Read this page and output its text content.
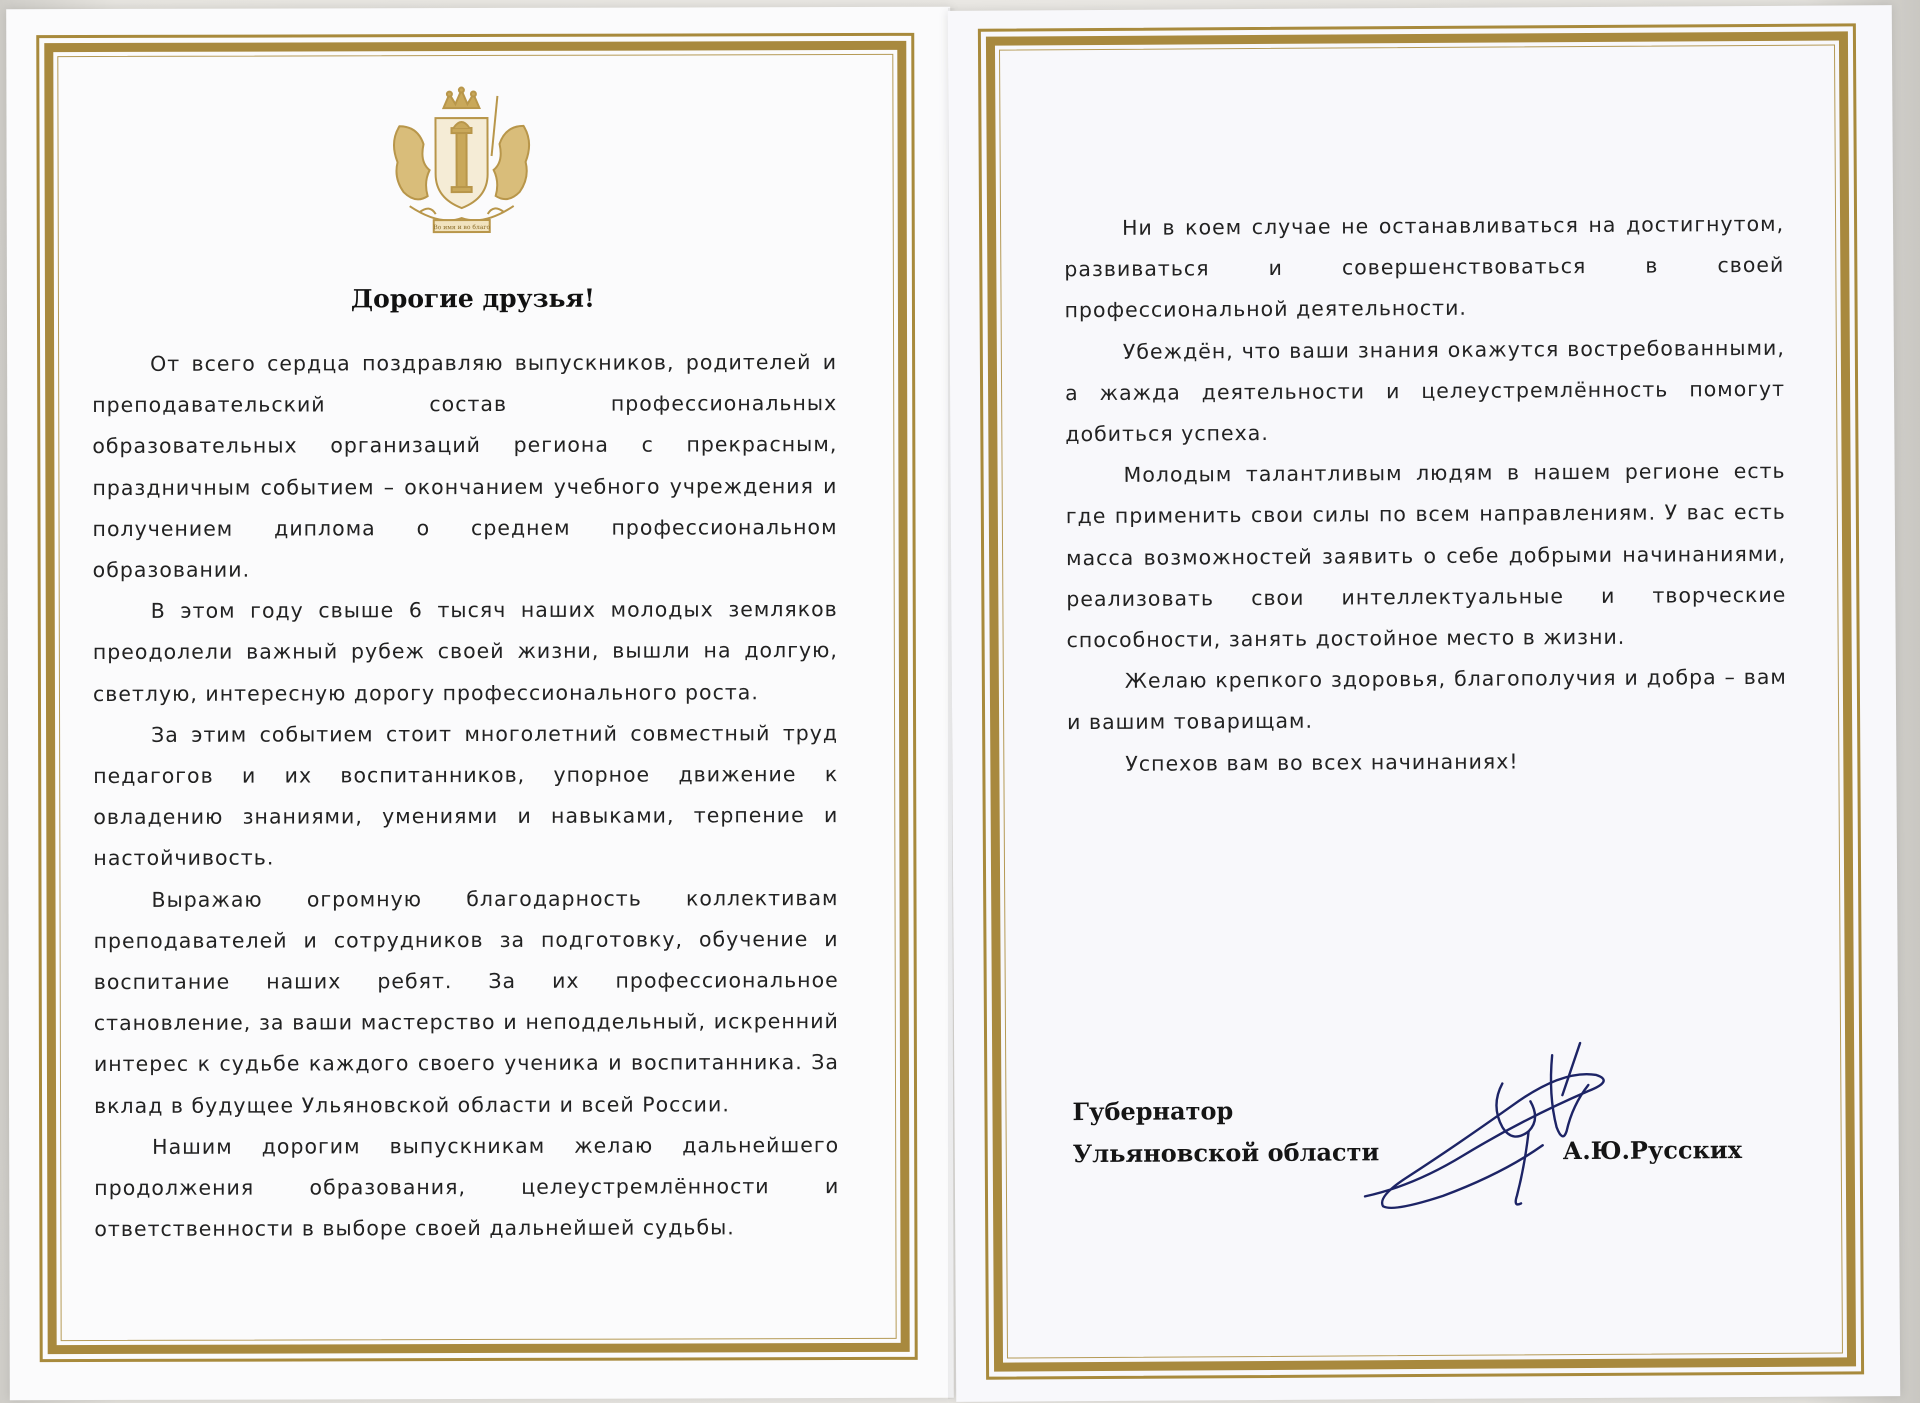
Во имя и во благо
Дорогие друзья!

От всего сердца поздравляю выпускников, родителей и преподавательский состав профессиональных образовательных организаций региона с прекрасным, праздничным событием – окончанием учебного учреждения и получением диплома о среднем профессиональном образовании.

В этом году свыше 6 тысяч наших молодых земляков преодолели важный рубеж своей жизни, вышли на долгую, светлую, интересную дорогу профессионального роста.

За этим событием стоит многолетний совместный труд педагогов и их воспитанников, упорное движение к овладению знаниями, умениями и навыками, терпение и настойчивость.

Выражаю огромную благодарность коллективам преподавателей и сотрудников за подготовку, обучение и воспитание наших ребят. За их профессиональное становление, за ваши мастерство и неподдельный, искренний интерес к судьбе каждого своего ученика и воспитанника. За вклад в будущее Ульяновской области и всей России.

Нашим дорогим выпускникам желаю дальнейшего продолжения образования, целеустремлённости и ответственности в выборе своей дальнейшей судьбы.

Ни в коем случае не останавливаться на достигнутом, развиваться и совершенствоваться в своей профессиональной деятельности.

Убеждён, что ваши знания окажутся востребованными, а жажда деятельности и целеустремлённость помогут добиться успеха.

Молодым талантливым людям в нашем регионе есть где применить свои силы по всем направлениям. У вас есть масса возможностей заявить о себе добрыми начинаниями, реализовать свои интеллектуальные и творческие способности, занять достойное место в жизни.

Желаю крепкого здоровья, благополучия и добра – вам и вашим товарищам.

Успехов вам во всех начинаниях!

Губернатор
Ульяновской области	А.Ю.Русских
